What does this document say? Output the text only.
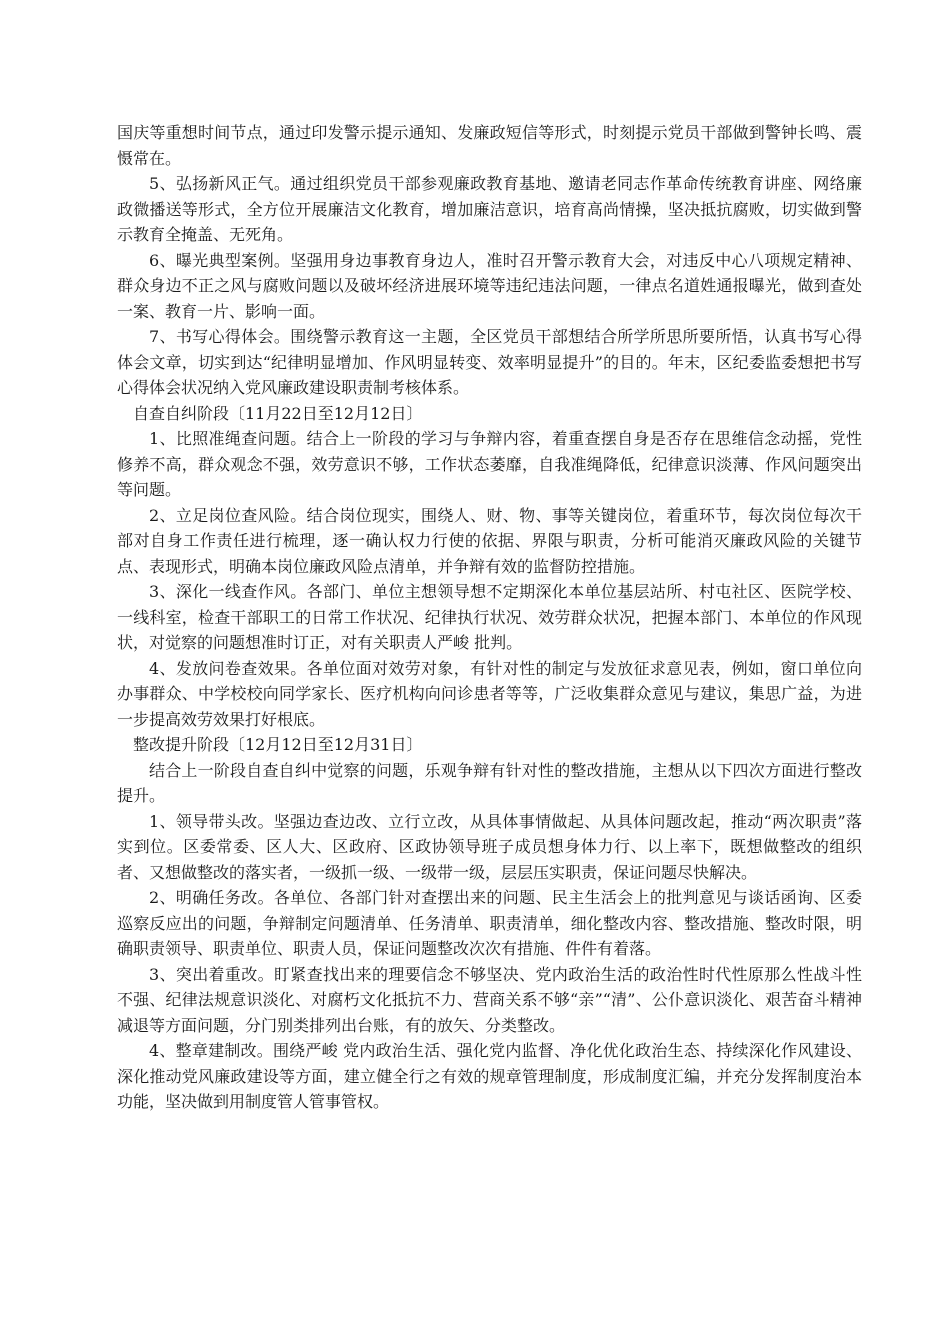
国庆等重想时间节点，通过印发警示提示通知、发廉政短信等形式，时刻提示党员干部做到警钟长鸣、震慑常在。

5、弘扬新风正气。通过组织党员干部参观廉政教育基地、邀请老同志作革命传统教育讲座、网络廉政微播送等形式，全方位开展廉洁文化教育，增加廉洁意识，培育高尚情操，坚决抵抗腐败，切实做到警示教育全掩盖、无死角。

6、曝光典型案例。坚强用身边事教育身边人，准时召开警示教育大会，对违反中心八项规定精神、群众身边不正之风与腐败问题以及破坏经济进展环境等违纪违法问题，一律点名道姓通报曝光，做到查处一案、教育一片、影响一面。

7、书写心得体会。围绕警示教育这一主题，全区党员干部想结合所学所思所要所悟，认真书写心得体会文章，切实到达“纪律明显增加、作风明显转变、效率明显提升”的目的。年末，区纪委监委想把书写心得体会状况纳入党风廉政建设职责制考核体系。

自查自纠阶段〔11月22日至12月12日〕

1、比照准绳查问题。结合上一阶段的学习与争辩内容，着重查摆自身是否存在思维信念动摇，党性修养不高，群众观念不强，效劳意识不够，工作状态萎靡，自我准绳降低，纪律意识淡薄、作风问题突出等问题。

2、立足岗位查风险。结合岗位现实，围绕人、财、物、事等关键岗位，着重环节，每次岗位每次干部对自身工作责任进行梳理，逐一确认权力行使的依据、界限与职责，分析可能消灭廉政风险的关键节点、表现形式，明确本岗位廉政风险点清单，并争辩有效的监督防控措施。

3、深化一线查作风。各部门、单位主想领导想不定期深化本单位基层站所、村屯社区、医院学校、一线科室，检查干部职工的日常工作状况、纪律执行状况、效劳群众状况，把握本部门、本单位的作风现状，对觉察的问题想准时订正，对有关职责人严峻 批判。

4、发放问卷查效果。各单位面对效劳对象，有针对性的制定与发放征求意见表，例如，窗口单位向办事群众、中学校校向同学家长、医疗机构向问诊患者等等，广泛收集群众意见与建议，集思广益，为进一步提高效劳效果打好根底。

整改提升阶段〔12月12日至12月31日〕

结合上一阶段自查自纠中觉察的问题，乐观争辩有针对性的整改措施，主想从以下四次方面进行整改提升。

1、领导带头改。坚强边查边改、立行立改，从具体事情做起、从具体问题改起，推动“两次职责”落实到位。区委常委、区人大、区政府、区政协领导班子成员想身体力行、以上率下，既想做整改的组织者、又想做整改的落实者，一级抓一级、一级带一级，层层压实职责，保证问题尽快解决。

2、明确任务改。各单位、各部门针对查摆出来的问题、民主生活会上的批判意见与谈话函询、区委巡察反应出的问题，争辩制定问题清单、任务清单、职责清单，细化整改内容、整改措施、整改时限，明确职责领导、职责单位、职责人员，保证问题整改次次有措施、件件有着落。

3、突出着重改。盯紧查找出来的理要信念不够坚决、党内政治生活的政治性时代性原那么性战斗性不强、纪律法规意识淡化、对腐朽文化抵抗不力、营商关系不够“亲”“清”、公仆意识淡化、艰苦奋斗精神减退等方面问题，分门别类排列出台账，有的放矢、分类整改。

4、整章建制改。围绕严峻 党内政治生活、强化党内监督、净化优化政治生态、持续深化作风建设、深化推动党风廉政建设等方面，建立健全行之有效的规章管理制度，形成制度汇编，并充分发挥制度治本功能，坚决做到用制度管人管事管权。
